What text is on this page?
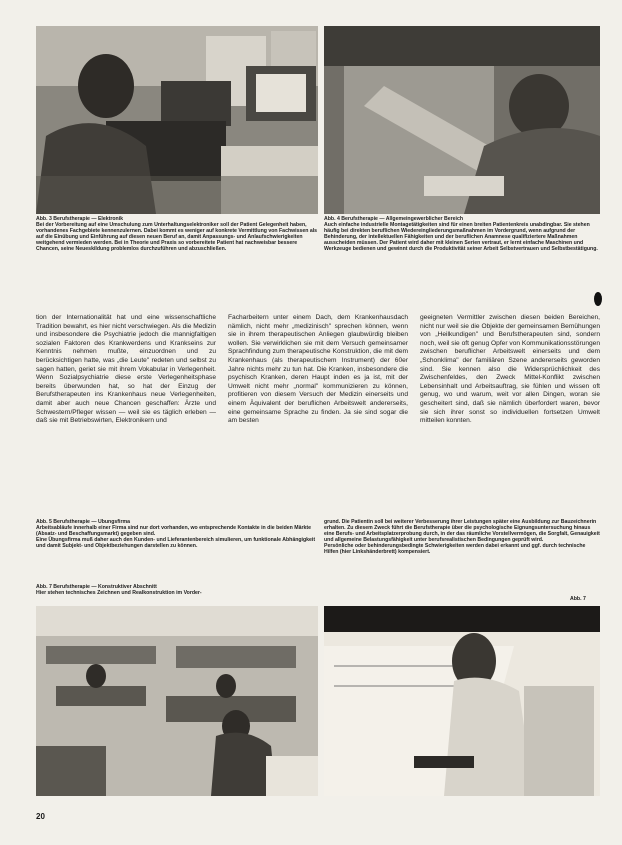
Abb. 3 Berufstherapie — Elektronik
Bei der Vorbereitung auf eine Umschulung zum Unterhaltungselektroniker soll der Patient Gelegenheit haben, vorhandenes Fachgebiete kennenzulernen. Dabei kommt es weniger auf konkrete Vermittlung von Fachwissen als auf die Einübung und Einführung auf diesen neuen Beruf an, damit Anpassungs- und Anlaufschwierigkeiten weitgehend vermieden werden. Bei in Theorie und Praxis so vorbereitete Patient hat nachweisbar bessere Chancen, seine Neueskildung problemlos durchzuführen und abzuschließen.
Abb. 4 Berufstherapie — Allgemeingewerblicher Bereich
Auch einfache industrielle Montagetätigkeiten sind für einen breiten Patientenkreis unabdingbar. Sie stehen häufig bei direkten beruflichen Wiedereingliederungsmaßnahmen im Vordergrund, wenn aufgrund der Behinderung, der intellektuellen Fähigkeiten und der beruflichen Anamnese qualifiziertere Maßnahmen ausscheiden müssen. Der Patient wird daher mit kleinen Serien vertraut, er lernt einfache Maschinen und Werkzeuge bedienen und gewinnt durch die Produktivität seiner Arbeit Selbstvertrauen und Selbstbestätigung.
tion der Internationalität hat und eine wissenschaftliche Tradition bewahrt, es hier nicht verschwiegen. Als die Medizin und insbesondere die Psychiatrie jedoch die mannigfaltigen sozialen Faktoren des Krankwerdens und Krankseins zur Kenntnis nehmen mußte, einzuordnen und zu berücksichtigen hatte, was „die Leute" redeten und selbst zu sagen hatten, geriet sie mit ihrem Vokabular in Verlegenheit. Wenn Sozialpsychiatrie diese erste Verlegenheitsphase bereits überwunden hat, so hat der Einzug der Berufstherapeuten ins Krankenhaus neue Verlegenheiten, damit aber auch neue Chancen geschaffen: Ärzte und Schwestern/Pfleger wissen — weil sie es täglich erleben — daß sie mit Betriebswirten, Elektronikern und
Facharbeitern unter einem Dach, dem Krankenhausdach nämlich, nicht mehr „medizinisch" sprechen können, wenn sie in ihrem therapeutischen Anliegen glaubwürdig bleiben wollen. Sie verwirklichen sie mit dem Versuch gemeinsamer Sprachfindung zum therapeutische Konstruktion, die mit dem Krankenhaus (als therapeutischem Instrument) der 60er Jahre nichts mehr zu tun hat. Die Kranken, insbesondere die psychisch Kranken, deren Haupt inden es ja ist, mit der Umwelt nicht mehr „normal" kommunizieren zu können, profitieren von diesem Versuch der Medizin einerseits und einem Äquivalent der beruflichen Arbeitswelt andererseits, eine gemeinsame Sprache zu finden. Ja sie sind sogar die am besten
geeigneten Vermittler zwischen diesen beiden Bereichen, nicht nur weil sie die Objekte der gemeinsamen Bemühungen von „Heilkundigen" und Berufstherapeuten sind, sondern noch, weil sie oft genug Opfer von Kommunikationsstörungen zwischen beruflicher Arbeitswelt einerseits und dem „Schonklima" der familiären Szene andererseits geworden sind. Sie kennen also die Widersprüchlichkeit des Zwischenfeldes, den Zweck Mittel-Konflikt zwischen Lebensinhalt und Arbeitsauftrag, sie fühlen und wissen oft genug, wo und warum, weit vor allen Dingen, woran sie gescheitert sind, daß sie nämlich überfordert waren, bevor sie sich ihrer sonst so individuellen fortsetzen Umwelt mitteilen konnten.
Abb. 5 Berufstherapie — Übungsfirma
Arbeitsabläufe innerhalb einer Firma sind nur dort vorhanden, wo entsprechende Kontakte in die beiden Märkte (Absatz- und Beschaffungsmarkt) gegeben sind.
Eine Übungsfirma muß daher auch den Kunden- und Lieferantenbereich simulieren, um funktionale Abhängigkeit und damit Subjekt- und Objektbeziehungen darstellen zu können.
Abb. 7 Berufstherapie — Konstruktiver Abschnitt
Hier stehen technisches Zeichnen und Realkonstruktion im Vorder-
grund. Die Patientin soll bei weiterer Verbesserung ihrer Leistungen später eine Ausbildung zur Bauzeichnerin erhalten. Zu diesem Zweck führt die Berufstherapie über die psychologische Eignungsuntersuchung hinaus eine Berufs- und Arbeitsplatzerprobung durch, in der das räumliche Vorstellvermögen, die Sorgfalt, Genauigkeit und allgemeine Belastungsfähigkeit unter berufsrealistischen Bedingungen geprüft wird.
Persönliche oder behinderungsbedingte Schwierigkeiten werden dabei erkannt und ggf. durch technische Hilfen (hier Linkshänderbrett) kompensiert.
Abb. 7
20
